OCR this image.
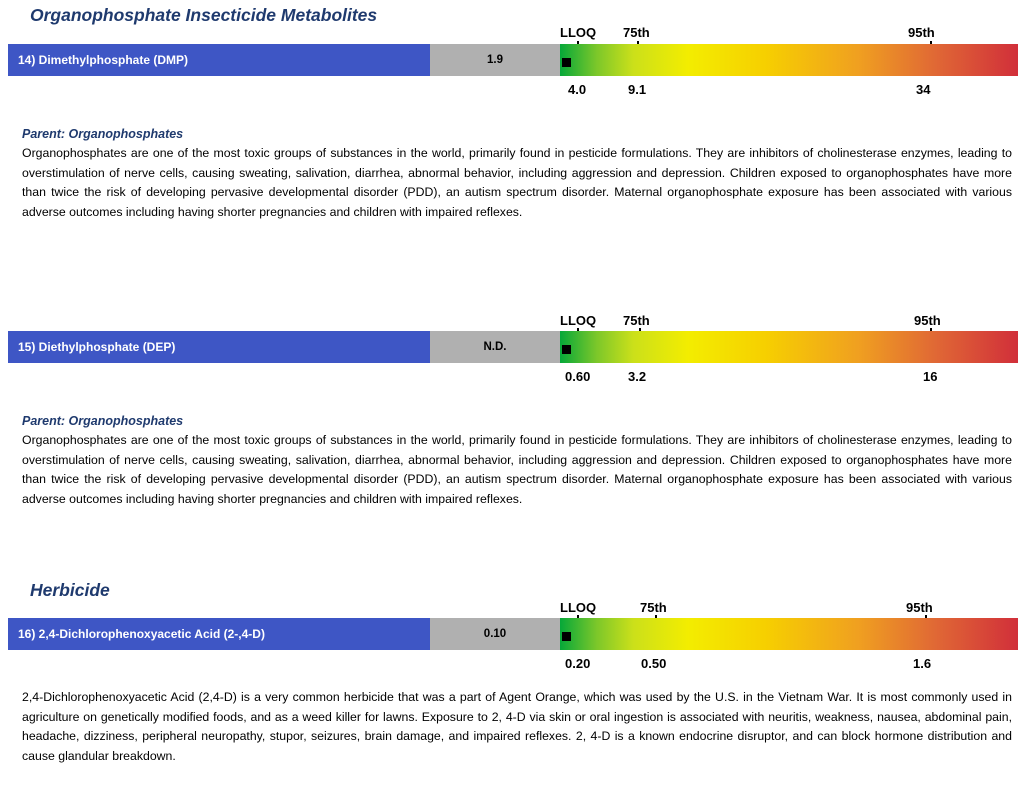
Organophosphate Insecticide Metabolites
LLOQ 75th	95th
14) Dimethylphosphate (DMP)	1.9
4.0	9.1	34
Parent: Organophosphates
Organophosphates are one of the most toxic groups of substances in the world, primarily found in pesticide formulations. They are inhibitors of cholinesterase enzymes, leading to overstimulation of nerve cells, causing sweating, salivation, diarrhea, abnormal behavior, including aggression and depression. Children exposed to organophosphates have more than twice the risk of developing pervasive developmental disorder (PDD), an autism spectrum disorder. Maternal organophosphate exposure has been associated with various adverse outcomes including having shorter pregnancies and children with impaired reflexes.
LLOQ 75th	95th
15) Diethylphosphate (DEP)	N.D.
0.60	3.2	16
Parent: Organophosphates
Organophosphates are one of the most toxic groups of substances in the world, primarily found in pesticide formulations. They are inhibitors of cholinesterase enzymes, leading to overstimulation of nerve cells, causing sweating, salivation, diarrhea, abnormal behavior, including aggression and depression. Children exposed to organophosphates have more than twice the risk of developing pervasive developmental disorder (PDD), an autism spectrum disorder. Maternal organophosphate exposure has been associated with various adverse outcomes including having shorter pregnancies and children with impaired reflexes.
Herbicide
LLOQ	75th	95th
16) 2,4-Dichlorophenoxyacetic Acid (2-,4-D)	0.10
0.20	0.50	1.6
2,4-Dichlorophenoxyacetic Acid (2,4-D) is a very common herbicide that was a part of Agent Orange, which was used by the U.S. in the Vietnam War. It is most commonly used in agriculture on genetically modified foods, and as a weed killer for lawns. Exposure to 2, 4-D via skin or oral ingestion is associated with neuritis, weakness, nausea, abdominal pain, headache, dizziness, peripheral neuropathy, stupor, seizures, brain damage, and impaired reflexes. 2, 4-D is a known endocrine disruptor, and can block hormone distribution and cause glandular breakdown.
